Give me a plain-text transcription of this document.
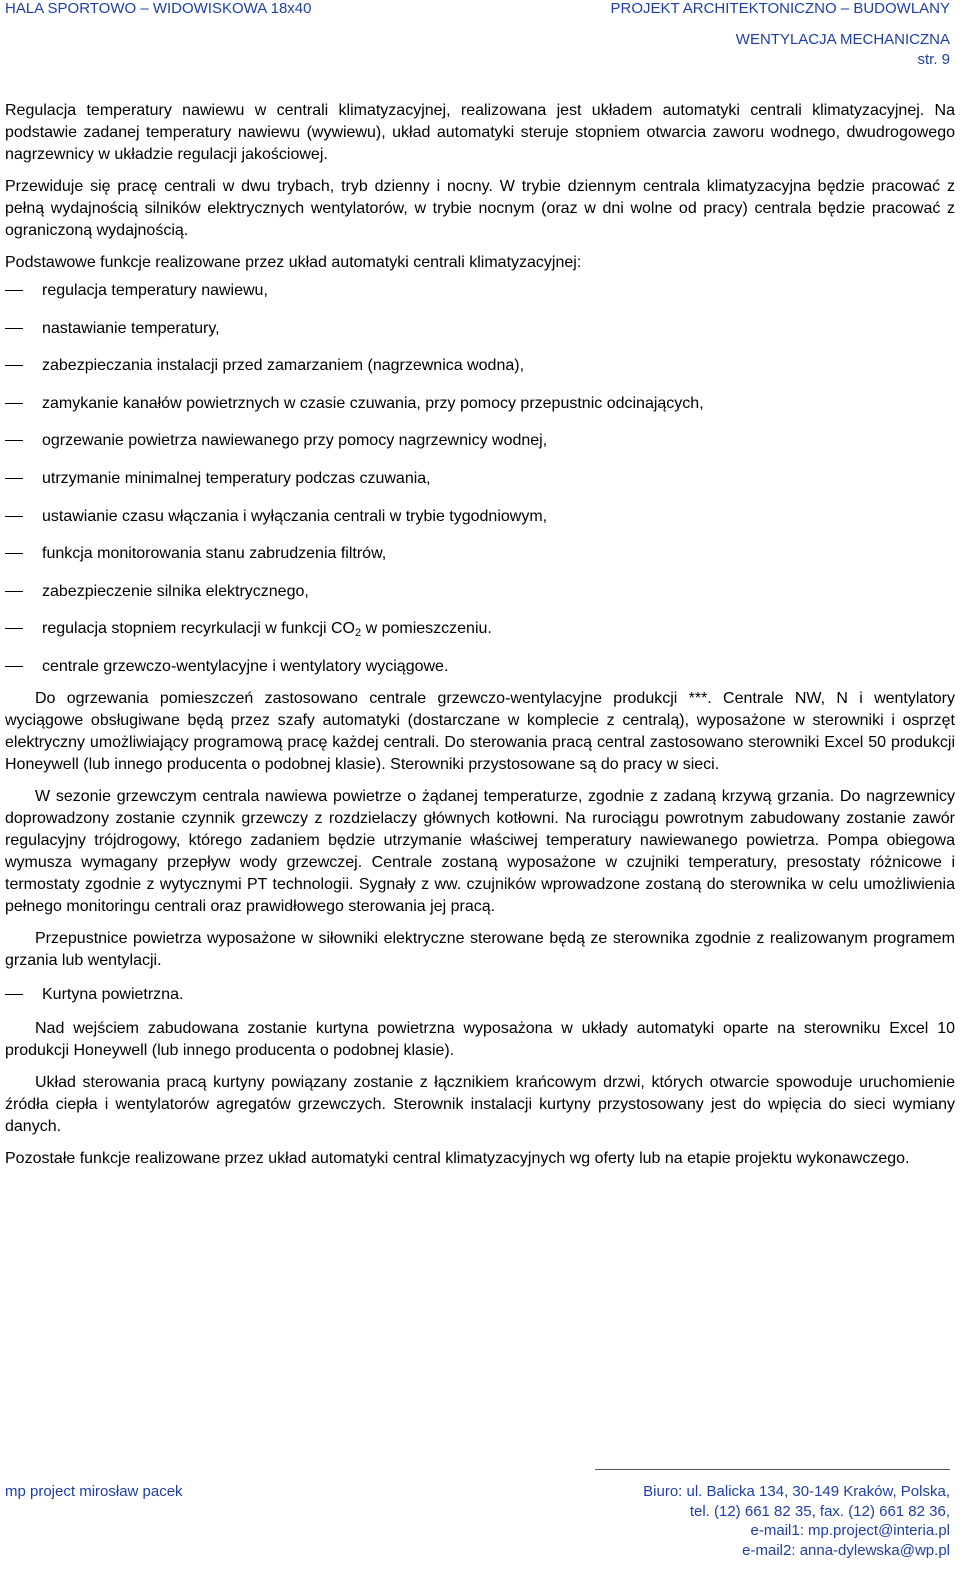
HALA SPORTOWO – WIDOWISKOWA 18x40	PROJEKT ARCHITEKTONICZNO – BUDOWLANY
WENTYLACJA MECHANICZNA
str. 9

Regulacja temperatury nawiewu w centrali klimatyzacyjnej, realizowana jest układem automatyki centrali klimatyzacyjnej. Na podstawie zadanej temperatury nawiewu (wywiewu), układ automatyki steruje stopniem otwarcia zaworu wodnego, dwudrogowego nagrzewnicy w układzie regulacji jakościowej.

Przewiduje się pracę centrali w dwu trybach, tryb dzienny i nocny. W trybie dziennym centrala klimatyzacyjna będzie pracować z pełną wydajnością silników elektrycznych wentylatorów, w trybie nocnym (oraz w dni wolne od pracy) centrala będzie pracować z ograniczoną wydajnością.

Podstawowe funkcje realizowane przez układ automatyki centrali klimatyzacyjnej:

regulacja temperatury nawiewu,
nastawianie temperatury,
zabezpieczania instalacji przed zamarzaniem (nagrzewnica wodna),
zamykanie kanałów powietrznych w czasie czuwania, przy pomocy przepustnic odcinających,
ogrzewanie powietrza nawiewanego przy pomocy nagrzewnicy wodnej,
utrzymanie minimalnej temperatury podczas czuwania,
ustawianie czasu włączania i wyłączania centrali w trybie tygodniowym,
funkcja monitorowania stanu zabrudzenia filtrów,
zabezpieczenie silnika elektrycznego,
regulacja stopniem recyrkulacji w funkcji $CO_2$ w pomieszczeniu.
centrale grzewczo-wentylacyjne i wentylatory wyciągowe.

Do ogrzewania pomieszczeń zastosowano centrale grzewczo-wentylacyjne produkcji ***. Centrale NW, N i wentylatory wyciągowe obsługiwane będą przez szafy automatyki (dostarczane w komplecie z centralą), wyposażone w sterowniki i osprzęt elektryczny umożliwiający programową pracę każdej centrali. Do sterowania pracą central zastosowano sterowniki Excel 50 produkcji Honeywell (lub innego producenta o podobnej klasie). Sterowniki przystosowane są do pracy w sieci.

W sezonie grzewczym centrala nawiewa powietrze o żądanej temperaturze, zgodnie z zadaną krzywą grzania. Do nagrzewnicy doprowadzony zostanie czynnik grzewczy z rozdzielaczy głównych kotłowni. Na rurociągu powrotnym zabudowany zostanie zawór regulacyjny trójdrogowy, którego zadaniem będzie utrzymanie właściwej temperatury nawiewanego powietrza. Pompa obiegowa wymusza wymagany przepływ wody grzewczej. Centrale zostaną wyposażone w czujniki temperatury, presostaty różnicowe i termostaty zgodnie z wytycznymi PT technologii. Sygnały z ww. czujników wprowadzone zostaną do sterownika w celu umożliwienia pełnego monitoringu centrali oraz prawidłowego sterowania jej pracą.

Przepustnice powietrza wyposażone w siłowniki elektryczne sterowane będą ze sterownika zgodnie z realizowanym programem grzania lub wentylacji.

Kurtyna powietrzna.

Nad wejściem zabudowana zostanie kurtyna powietrzna wyposażona w układy automatyki oparte na sterowniku Excel 10 produkcji Honeywell (lub innego producenta o podobnej klasie).

Układ sterowania pracą kurtyny powiązany zostanie z łącznikiem krańcowym drzwi, których otwarcie spowoduje uruchomienie źródła ciepła i wentylatorów agregatów grzewczych. Sterownik instalacji kurtyny przystosowany jest do wpięcia do sieci wymiany danych.

Pozostałe funkcje realizowane przez układ automatyki central klimatyzacyjnych wg oferty lub na etapie projektu wykonawczego.

mp project mirosław pacek	Biuro: ul. Balicka 134, 30-149 Kraków, Polska,
tel. (12) 661 82 35, fax. (12) 661 82 36,
e-mail1: mp.project@interia.pl
e-mail2: anna-dylewska@wp.pl
